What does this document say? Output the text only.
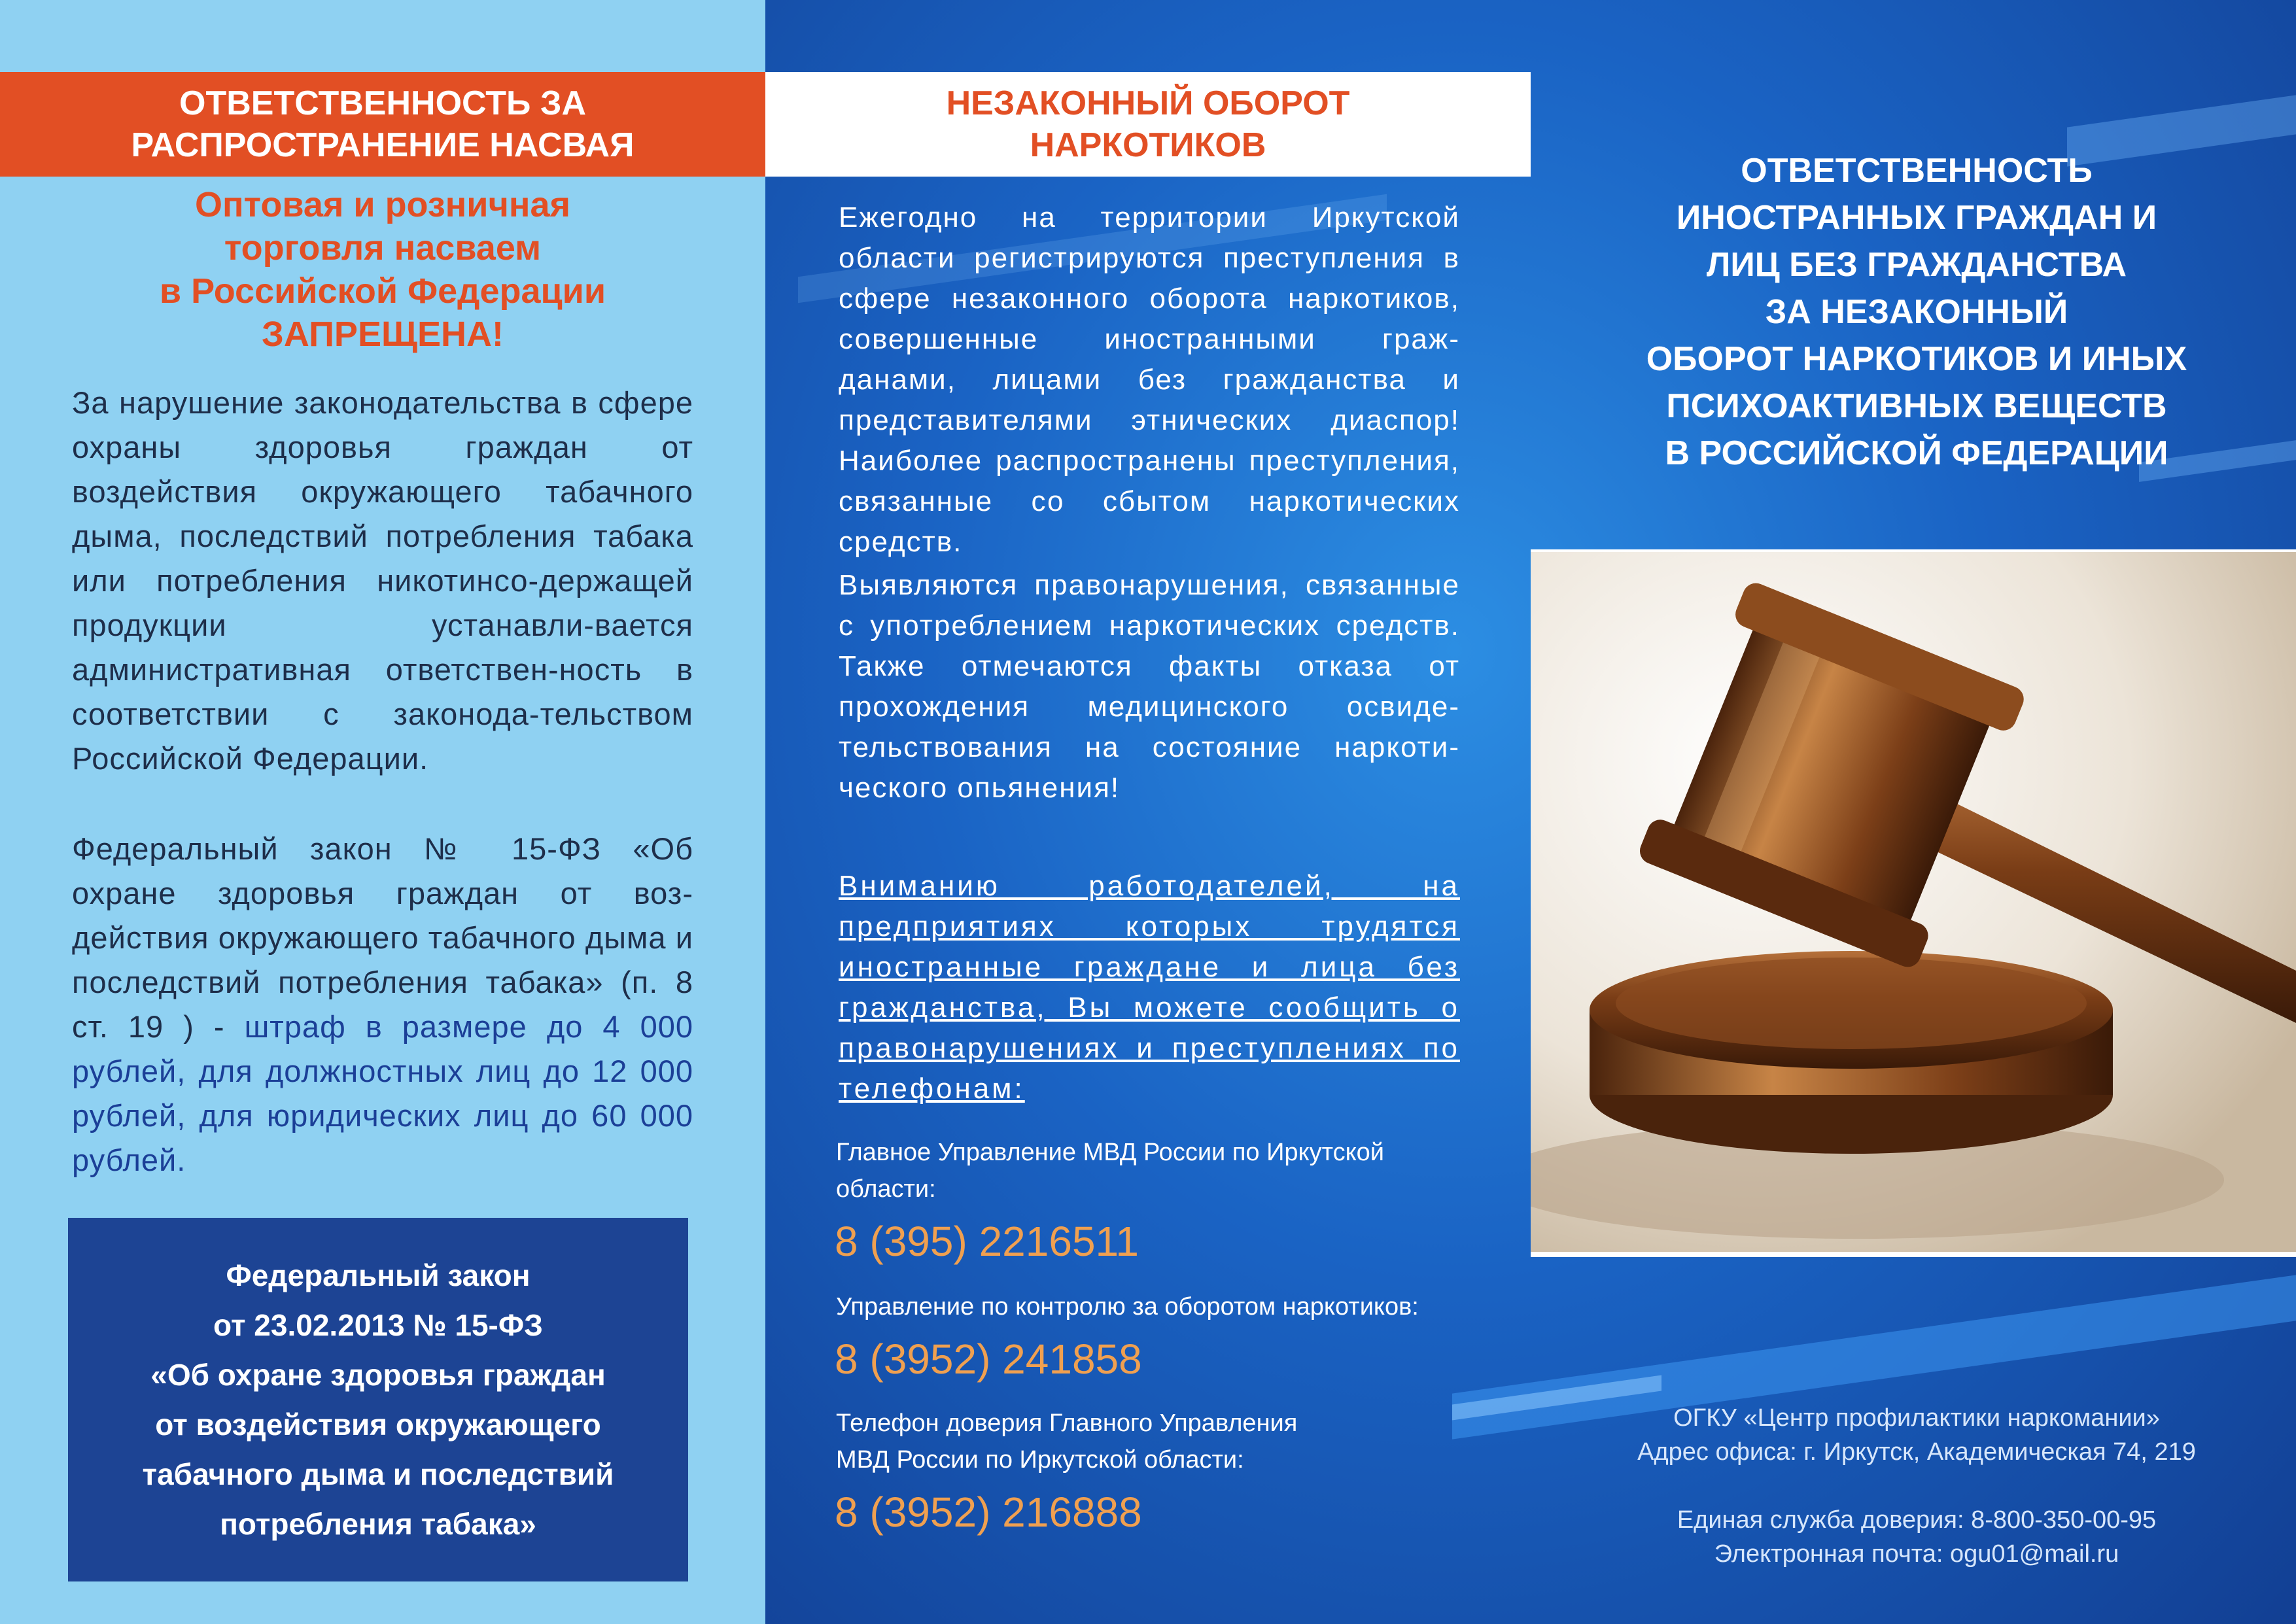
ОТВЕТСТВЕННОСТЬ ЗА
РАСПРОСТРАНЕНИЕ НАСВАЯ
Оптовая и розничная
торговля насваем
в Российской Федерации
ЗАПРЕЩЕНА!
За нарушение законодательства в сфере охраны здоровья граждан от воздействия окружающего табачного дыма, последствий потребления табака или потребления никотинсо-держащей продукции устанавли-вается административная ответствен-ность в соответствии с законода-тельством Российской Федерации.
Федеральный закон № 15-ФЗ «Об охране здоровья граждан от воз-действия окружающего табачного дыма и последствий потребления табака» (п. 8 ст. 19 ) - штраф в размере до 4 000 рублей, для должностных лиц до 12 000 рублей, для юридических лиц до 60 000 рублей.
Федеральный закон
от 23.02.2013 № 15-ФЗ
«Об охране здоровья граждан
от воздействия окружающего
табачного дыма и последствий
потребления табака»
НЕЗАКОННЫЙ ОБОРОТ
НАРКОТИКОВ
Ежегодно на территории Иркутской области регистрируются преступления в сфере незаконного оборота наркотиков, совершенные иностранными граж-данами, лицами без гражданства и представителями этнических диаспор! Наиболее распространены преступления, связанные со сбытом наркотических средств.
Выявляются правонарушения, связанные с употреблением наркотических средств. Также отмечаются факты отказа от прохождения медицинского освиде-тельствования на состояние наркоти-ческого опьянения!
Вниманию работодателей, на предприятиях которых трудятся иностранные граждане и лица без гражданства, Вы можете сообщить о правонарушениях и преступлениях по телефонам:
Главное Управление МВД России по Иркутской области:
8 (395) 2216511
Управление по контролю за оборотом наркотиков:
8 (3952) 241858
Телефон доверия Главного Управления
МВД России по Иркутской области:
8 (3952) 216888
ОТВЕТСТВЕННОСТЬ
ИНОСТРАННЫХ ГРАЖДАН И
ЛИЦ БЕЗ ГРАЖДАНСТВА
ЗА НЕЗАКОННЫЙ
ОБОРОТ НАРКОТИКОВ И ИНЫХ
ПСИХОАКТИВНЫХ ВЕЩЕСТВ
В РОССИЙСКОЙ ФЕДЕРАЦИИ
ОГКУ «Центр профилактики наркомании»
Адрес офиса: г. Иркутск, Академическая 74, 219
Единая служба доверия: 8-800-350-00-95
Электронная почта: ogu01@mail.ru
